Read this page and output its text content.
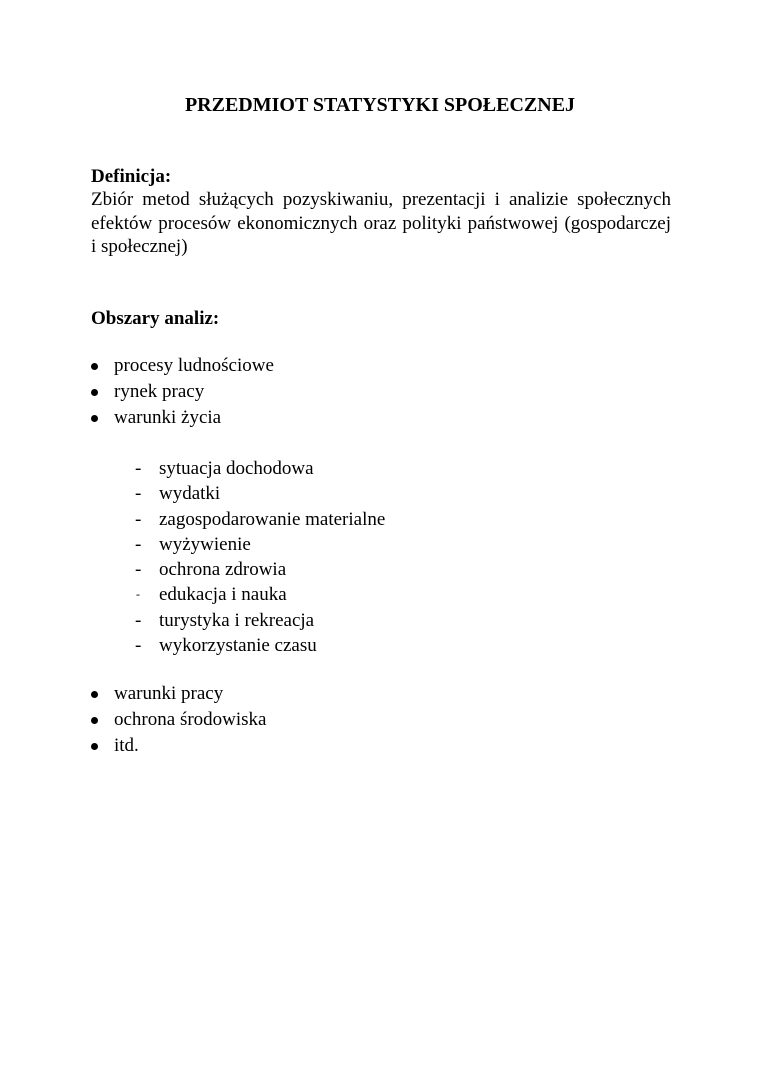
PRZEDMIOT STATYSTYKI SPOŁECZNEJ
Definicja:
Zbiór metod służących pozyskiwaniu, prezentacji i analizie społecznych efektów procesów ekonomicznych oraz polityki państwowej (gospodarczej i społecznej)
Obszary analiz:
procesy ludnościowe
rynek pracy
warunki życia
- sytuacja dochodowa
- wydatki
- zagospodarowanie materialne
- wyżywienie
- ochrona zdrowia
- edukacja i nauka
- turystyka i rekreacja
- wykorzystanie czasu
warunki pracy
ochrona środowiska
itd.
